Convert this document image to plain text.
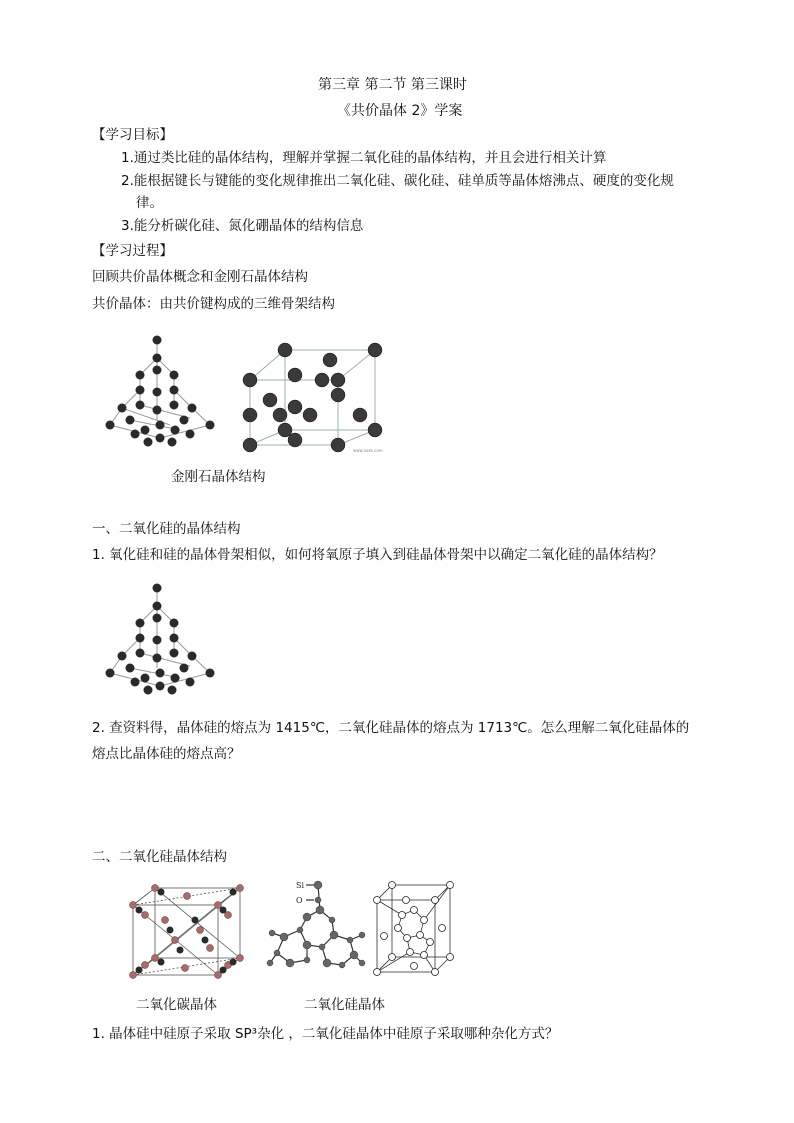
第三章 第二节 第三课时
《共价晶体 2》学案
【学习目标】
1.通过类比硅的晶体结构，理解并掌握二氧化硅的晶体结构，并且会进行相关计算
2.能根据键长与键能的变化规律推出二氧化硅、碳化硅、硅单质等晶体熔沸点、硬度的变化规
律。
3.能分析碳化硅、氮化硼晶体的结构信息
【学习过程】
回顾共价晶体概念和金刚石晶体结构
共价晶体：由共价键构成的三维骨架结构
www.zxxk.com
金刚石晶体结构
一、二氧化硅的晶体结构
1. 氧化硅和硅的晶体骨架相似，如何将氧原子填入到硅晶体骨架中以确定二氧化硅的晶体结构？
2. 查资料得，晶体硅的熔点为 1415℃，二氧化硅晶体的熔点为 1713℃。怎么理解二氧化硅晶体的
熔点比晶体硅的熔点高？
二、二氧化硅晶体结构
Si
O
二氧化碳晶体	二氧化硅晶体
1. 晶体硅中硅原子采取 SP³杂化 ，二氧化硅晶体中硅原子采取哪种杂化方式？
